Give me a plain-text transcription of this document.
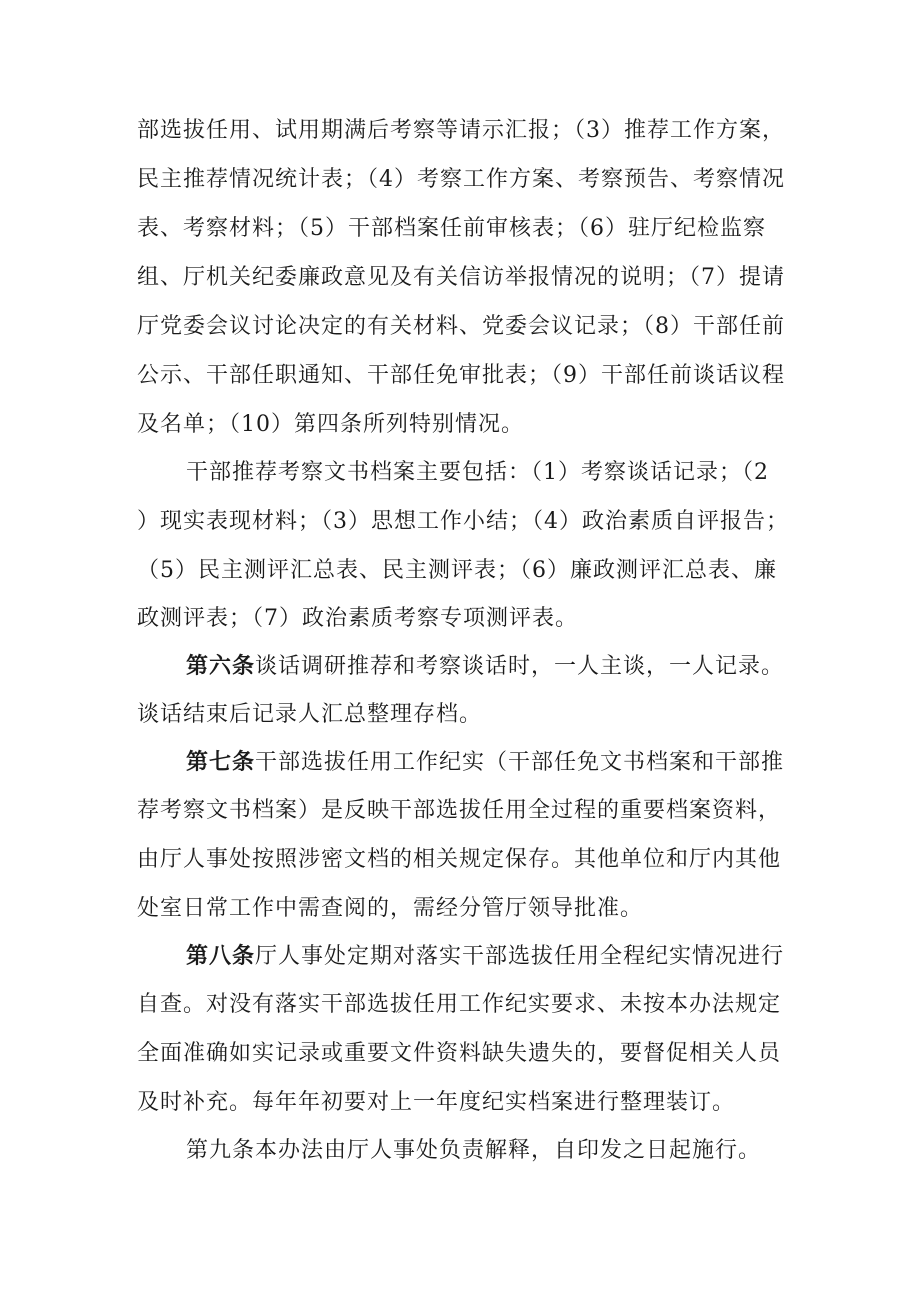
部选拔任用、试用期满后考察等请示汇报；（3）推荐工作方案，
民主推荐情况统计表；（4）考察工作方案、考察预告、考察情况
表、考察材料；（5）干部档案任前审核表；（6）驻厅纪检监察
组、厅机关纪委廉政意见及有关信访举报情况的说明；（7）提请
厅党委会议讨论决定的有关材料、党委会议记录；（8）干部任前
公示、干部任职通知、干部任免审批表；（9）干部任前谈话议程
及名单；（10）第四条所列特别情况。
干部推荐考察文书档案主要包括：（1）考察谈话记录；（2
）现实表现材料；（3）思想工作小结；（4）政治素质自评报告；
（5）民主测评汇总表、民主测评表；（6）廉政测评汇总表、廉
政测评表；（7）政治素质考察专项测评表。
第六条谈话调研推荐和考察谈话时，一人主谈，一人记录。
谈话结束后记录人汇总整理存档。
第七条干部选拔任用工作纪实（干部任免文书档案和干部推
荐考察文书档案）是反映干部选拔任用全过程的重要档案资料，
由厅人事处按照涉密文档的相关规定保存。其他单位和厅内其他
处室日常工作中需查阅的，需经分管厅领导批准。
第八条厅人事处定期对落实干部选拔任用全程纪实情况进行
自查。对没有落实干部选拔任用工作纪实要求、未按本办法规定
全面准确如实记录或重要文件资料缺失遗失的，要督促相关人员
及时补充。每年年初要对上一年度纪实档案进行整理装订。
第九条本办法由厅人事处负责解释，自印发之日起施行。
